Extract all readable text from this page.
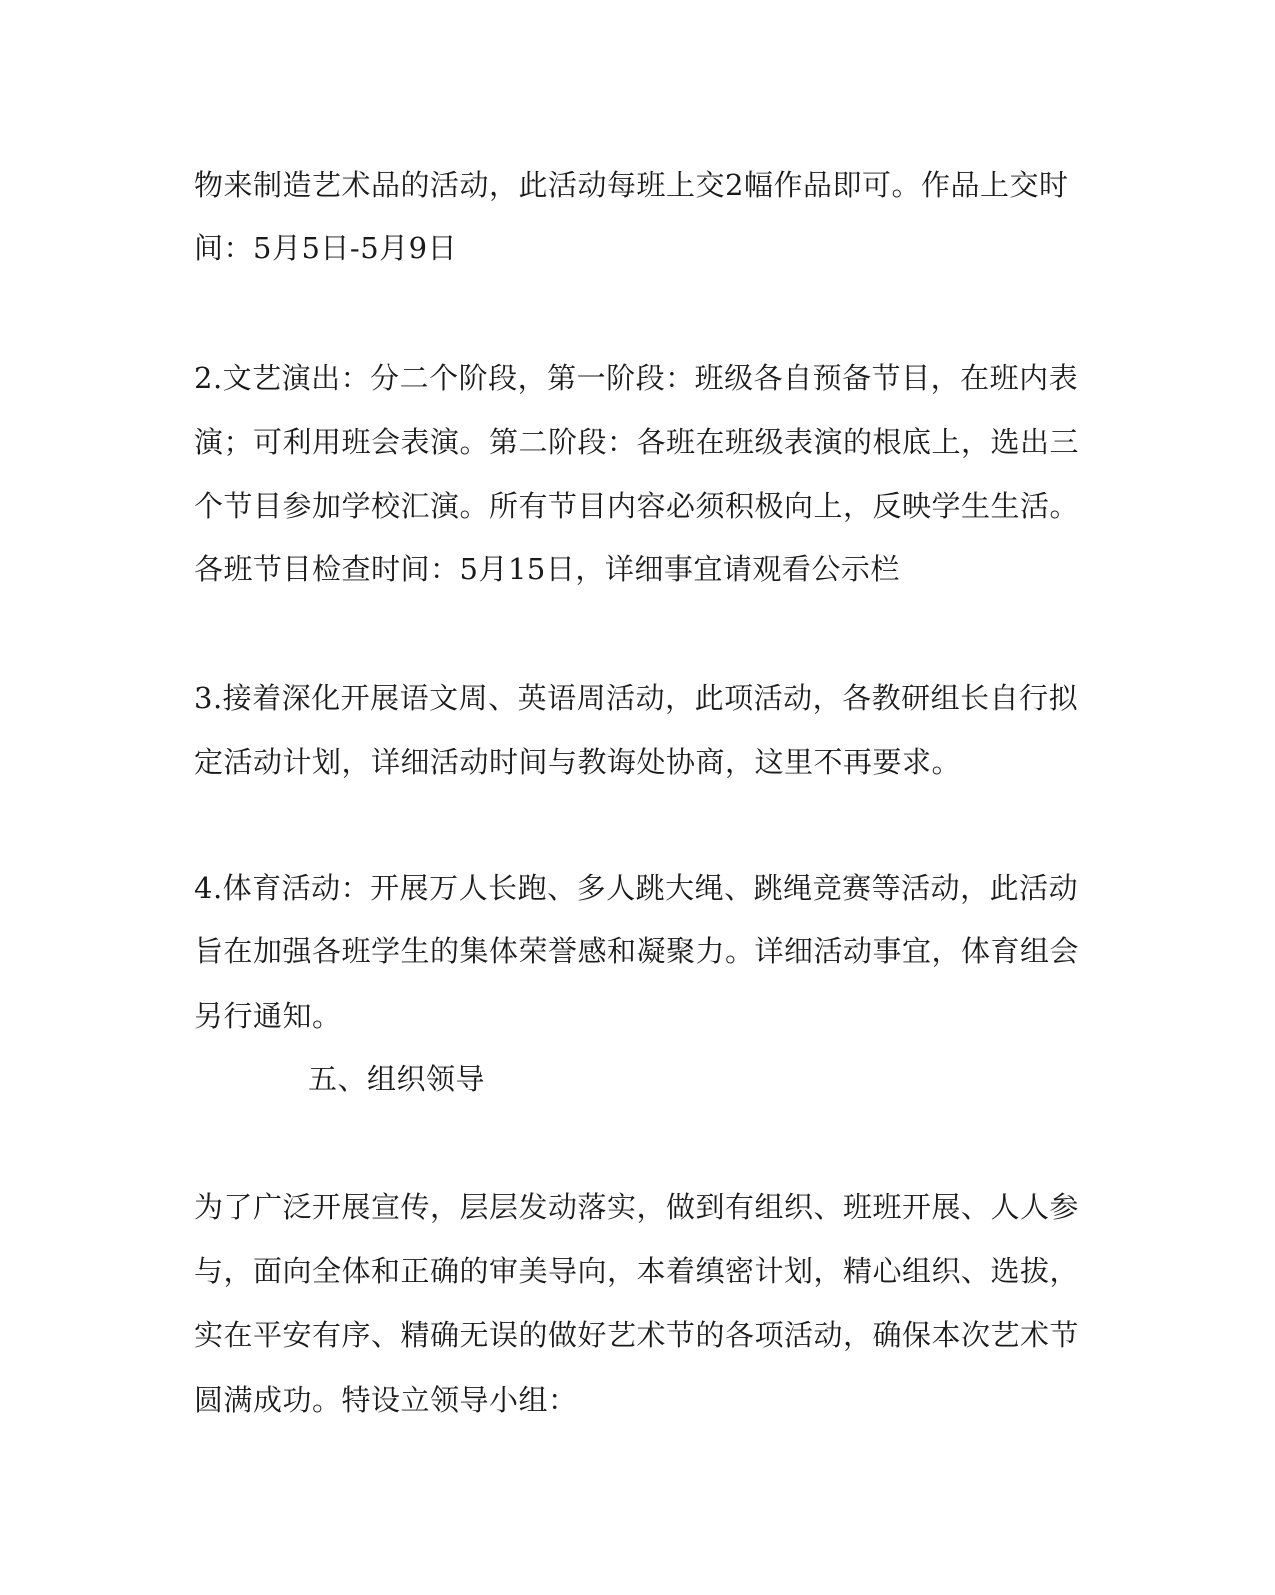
物来制造艺术品的活动，此活动每班上交2幅作品即可。作品上交时
间：5月5日-5月9日
2.文艺演出：分二个阶段，第一阶段：班级各自预备节目，在班内表
演；可利用班会表演。第二阶段：各班在班级表演的根底上，选出三
个节目参加学校汇演。所有节目内容必须积极向上，反映学生生活。
各班节目检查时间：5月15日，详细事宜请观看公示栏
3.接着深化开展语文周、英语周活动，此项活动，各教研组长自行拟
定活动计划，详细活动时间与教诲处协商，这里不再要求。
4.体育活动：开展万人长跑、多人跳大绳、跳绳竞赛等活动，此活动
旨在加强各班学生的集体荣誉感和凝聚力。详细活动事宜，体育组会
另行通知。
五、组织领导
为了广泛开展宣传，层层发动落实，做到有组织、班班开展、人人参
与，面向全体和正确的审美导向，本着缜密计划，精心组织、选拔，
实在平安有序、精确无误的做好艺术节的各项活动，确保本次艺术节
圆满成功。特设立领导小组：
